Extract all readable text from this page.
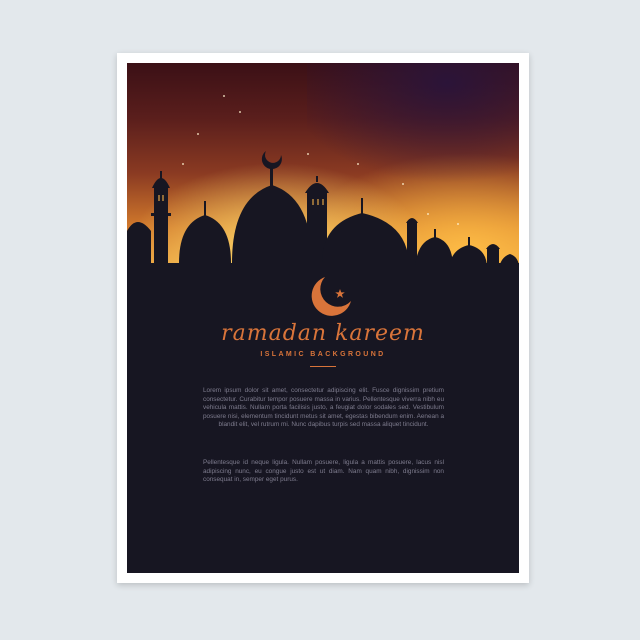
ramadan kareem
ISLAMIC BACKGROUND

Lorem ipsum dolor sit amet, consectetur adipiscing elit. Fusce dignissim pretium consectetur. Curabitur tempor posuere massa in varius. Pellentesque viverra nibh eu vehicula mattis. Nullam porta facilisis justo, a feugiat dolor sodales sed. Vestibulum posuere nisi, elementum tincidunt metus sit amet, egestas bibendum enim. Aenean a blandit elit, vel rutrum mi. Nunc dapibus turpis sed massa aliquet tincidunt.

Pellentesque id neque ligula. Nullam posuere, ligula a mattis posuere, lacus nisl adipiscing nunc, eu congue justo est ut diam. Nam quam nibh, dignissim non consequat in, semper eget purus.
